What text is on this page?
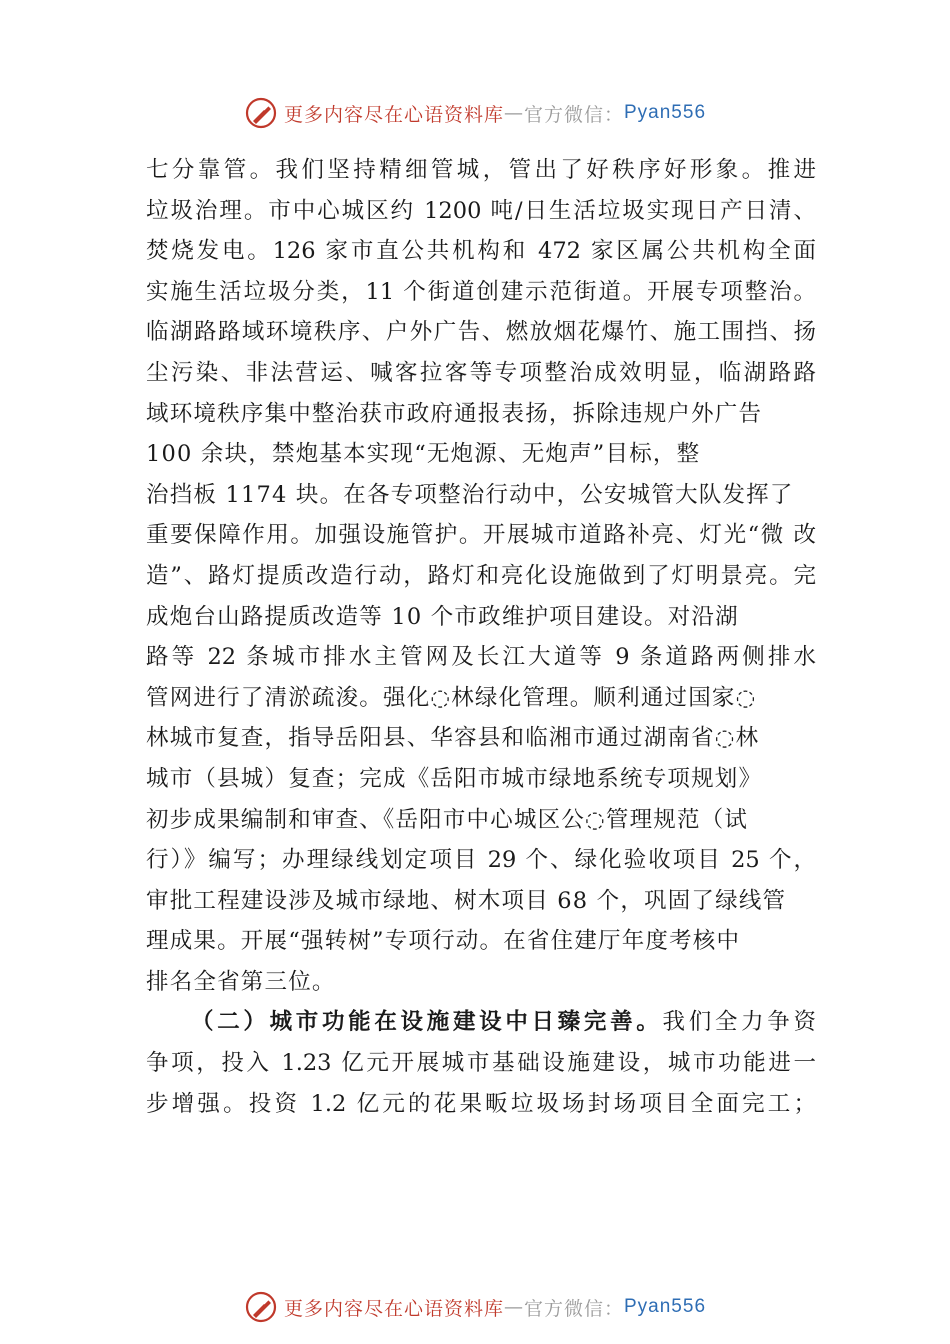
更多内容尽在心语资料库 — 官方微信： Pyan556
七分靠管。我们坚持精细管城，管出了好秩序好形象。推进
垃圾治理。市中心城区约 1200 吨/日生活垃圾实现日产日清、
焚烧发电。126 家市直公共机构和 472 家区属公共机构全面
实施生活垃圾分类，11 个街道创建示范街道。开展专项整治。
临湖路路域环境秩序、户外广告、燃放烟花爆竹、施工围挡、扬
尘污染、非法营运、喊客拉客等专项整治成效明显，临湖路路
域环境秩序集中整治获市政府通报表扬，拆除违规户外广告
100 余块，禁炮基本实现“无炮源、无炮声”目标，整
治挡板 1174 块。在各专项整治行动中，公安城管大队发挥了
重要保障作用。加强设施管护。开展城市道路补亮、灯光“微 改
造”、路灯提质改造行动，路灯和亮化设施做到了灯明景亮。完
成炮台山路提质改造等 10 个市政维护项目建设。对沿湖
路等 22 条城市排水主管网及长江大道等 9 条道路两侧排水
管网进行了清淤疏浚。强化◌林绿化管理。顺利通过国家◌
林城市复查，指导岳阳县、华容县和临湘市通过湖南省◌林
城市（县城）复查；完成《岳阳市城市绿地系统专项规划》
初步成果编制和审查、《岳阳市中心城区公◌管理规范（试
行）》编写；办理绿线划定项目 29 个、绿化验收项目 25 个，
审批工程建设涉及城市绿地、树木项目 68 个，巩固了绿线管
理成果。开展“强转树”专项行动。在省住建厅年度考核中
排名全省第三位。
（二）城市功能在设施建设中日臻完善。我们全力争资
争项，投入 1.23 亿元开展城市基础设施建设，城市功能进一
步增强。投资 1.2 亿元的花果畈垃圾场封场项目全面完工；
更多内容尽在心语资料库 — 官方微信： Pyan556
